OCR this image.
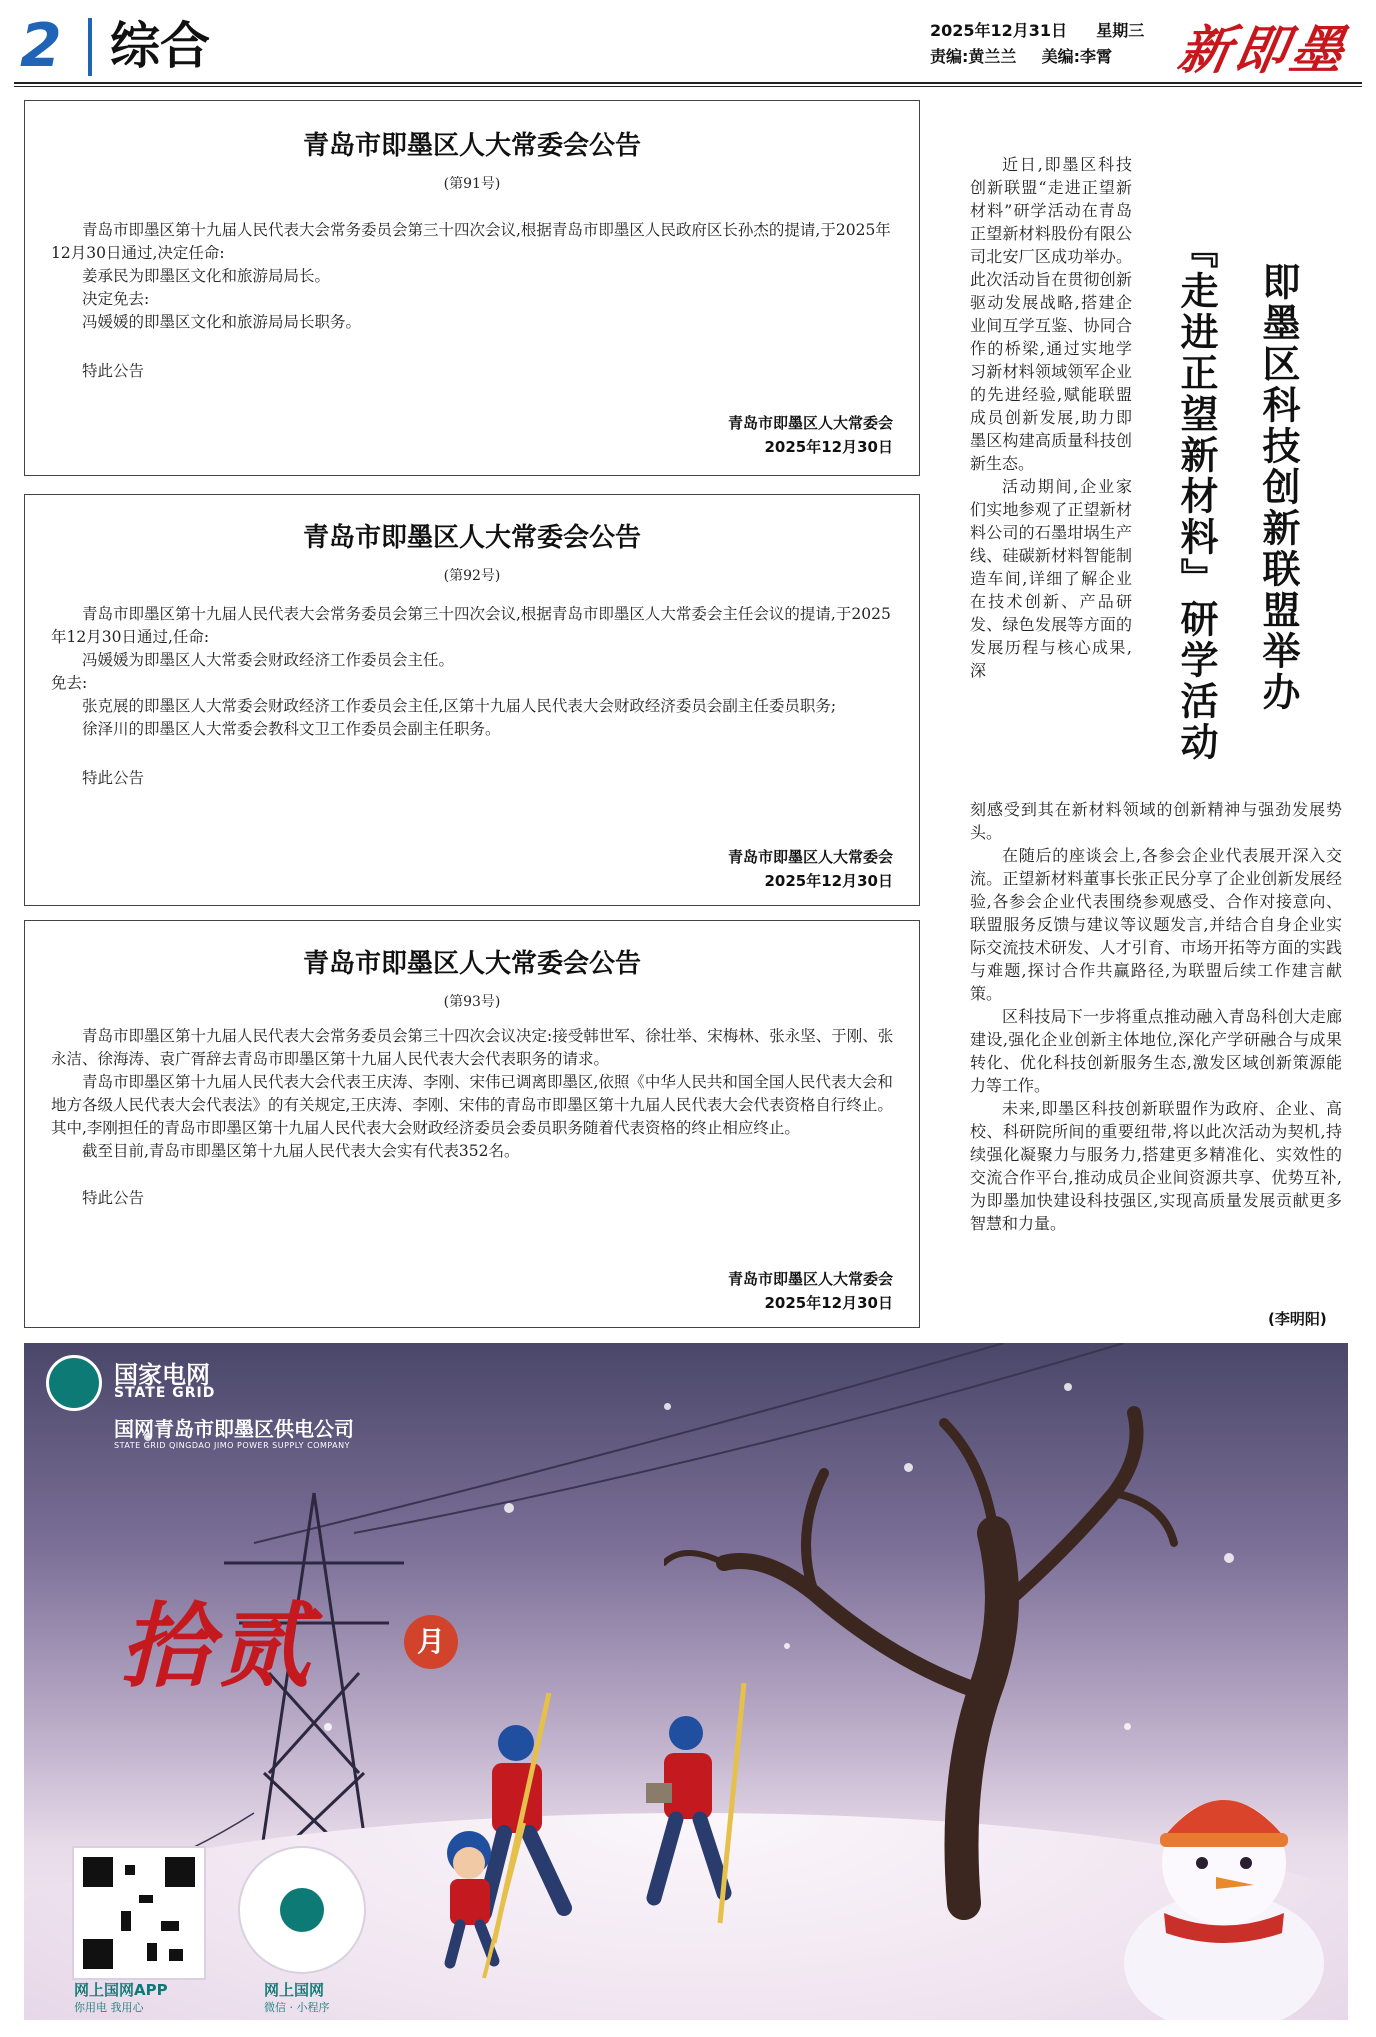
2 综合	2025年12月31日 星期三
责编:黄兰兰 美编:李霄 新即墨
青岛市即墨区人大常委会公告
(第91号)

青岛市即墨区第十九届人民代表大会常务委员会第三十四次会议,根据青岛市即墨区人民政府区长孙杰的提请,于2025年12月30日通过,决定任命:

姜承民为即墨区文化和旅游局局长。

决定免去:

冯媛媛的即墨区文化和旅游局局长职务。

特此公告

青岛市即墨区人大常委会
2025年12月30日
青岛市即墨区人大常委会公告
(第92号)

青岛市即墨区第十九届人民代表大会常务委员会第三十四次会议,根据青岛市即墨区人大常委会主任会议的提请,于2025年12月30日通过,任命:

冯媛媛为即墨区人大常委会财政经济工作委员会主任。

免去:

张克展的即墨区人大常委会财政经济工作委员会主任,区第十九届人民代表大会财政经济委员会副主任委员职务;

徐泽川的即墨区人大常委会教科文卫工作委员会副主任职务。

特此公告

青岛市即墨区人大常委会
2025年12月30日
青岛市即墨区人大常委会公告
(第93号)

青岛市即墨区第十九届人民代表大会常务委员会第三十四次会议决定:接受韩世军、徐壮举、宋梅林、张永坚、于刚、张永洁、徐海涛、袁广胥辞去青岛市即墨区第十九届人民代表大会代表职务的请求。

青岛市即墨区第十九届人民代表大会代表王庆涛、李刚、宋伟已调离即墨区,依照《中华人民共和国全国人民代表大会和地方各级人民代表大会代表法》的有关规定,王庆涛、李刚、宋伟的青岛市即墨区第十九届人民代表大会代表资格自行终止。其中,李刚担任的青岛市即墨区第十九届人民代表大会财政经济委员会委员职务随着代表资格的终止相应终止。

截至目前,青岛市即墨区第十九届人民代表大会实有代表352名。

特此公告

青岛市即墨区人大常委会
2025年12月30日
即墨区科技创新联盟举办
『走进正望新材料』研学活动

近日,即墨区科技创新联盟“走进正望新材料”研学活动在青岛正望新材料股份有限公司北安厂区成功举办。此次活动旨在贯彻创新驱动发展战略,搭建企业间互学互鉴、协同合作的桥梁,通过实地学习新材料领域领军企业的先进经验,赋能联盟成员创新发展,助力即墨区构建高质量科技创新生态。

活动期间,企业家们实地参观了正望新材料公司的石墨坩埚生产线、硅碳新材料智能制造车间,详细了解企业在技术创新、产品研发、绿色发展等方面的发展历程与核心成果,深

刻感受到其在新材料领域的创新精神与强劲发展势头。

在随后的座谈会上,各参会企业代表展开深入交流。正望新材料董事长张正民分享了企业创新发展经验,各参会企业代表围绕参观感受、合作对接意向、联盟服务反馈与建议等议题发言,并结合自身企业实际交流技术研发、人才引育、市场开拓等方面的实践与难题,探讨合作共赢路径,为联盟后续工作建言献策。

区科技局下一步将重点推动融入青岛科创大走廊建设,强化企业创新主体地位,深化产学研融合与成果转化、优化科技创新服务生态,激发区域创新策源能力等工作。

未来,即墨区科技创新联盟作为政府、企业、高校、科研院所间的重要纽带,将以此次活动为契机,持续强化凝聚力与服务力,搭建更多精准化、实效性的交流合作平台,推动成员企业间资源共享、优势互补,为即墨加快建设科技强区,实现高质量发展贡献更多智慧和力量。

(李明阳)
国家电网
STATE GRID
国网青岛市即墨区供电公司
STATE GRID QINGDAO JIMO POWER SUPPLY COMPANY
拾贰	月
网上国网APP
你用电 我用心
网上国网
微信 · 小程序
